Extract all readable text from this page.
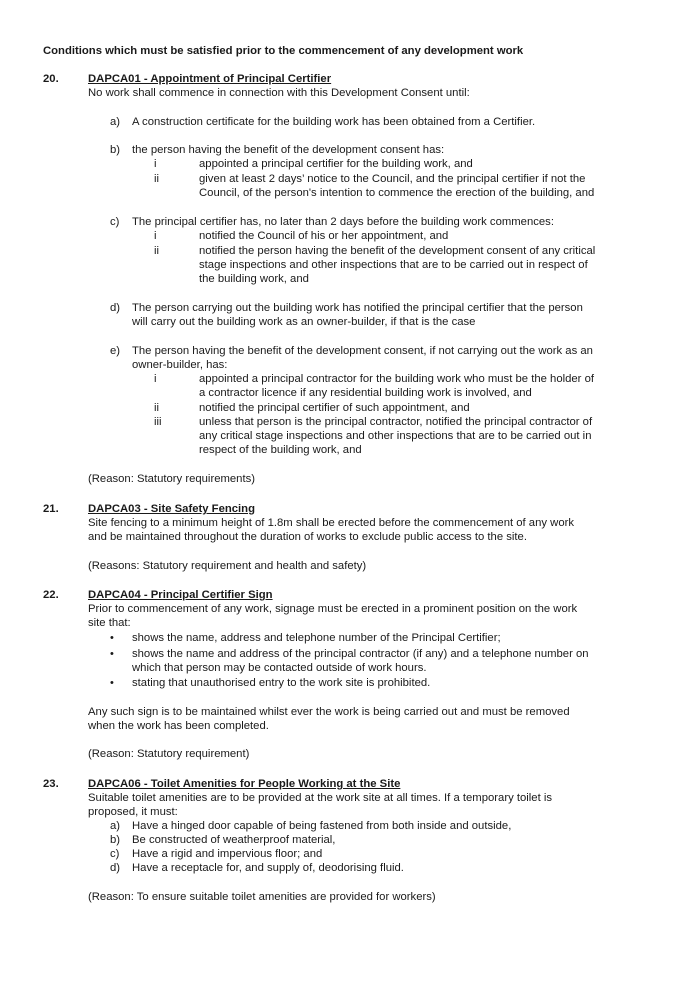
Conditions which must be satisfied prior to the commencement of any development work
20.	DAPCA01 - Appointment of Principal Certifier
No work shall commence in connection with this Development Consent until:
a) A construction certificate for the building work has been obtained from a Certifier.
b) the person having the benefit of the development consent has:
i	appointed a principal certifier for the building work, and
ii	given at least 2 days’ notice to the Council, and the principal certifier if not the
Council, of the person's intention to commence the erection of the building, and
c) The principal certifier has, no later than 2 days before the building work commences:
i	notified the Council of his or her appointment, and
ii	notified the person having the benefit of the development consent of any critical
stage inspections and other inspections that are to be carried out in respect of
the building work, and
d) The person carrying out the building work has notified the principal certifier that the person
will carry out the building work as an owner-builder, if that is the case
e) The person having the benefit of the development consent, if not carrying out the work as an
owner-builder, has:
i	appointed a principal contractor for the building work who must be the holder of
a contractor licence if any residential building work is involved, and
ii	notified the principal certifier of such appointment, and
iii	unless that person is the principal contractor, notified the principal contractor of
any critical stage inspections and other inspections that are to be carried out in
respect of the building work, and
(Reason: Statutory requirements)
21.	DAPCA03 - Site Safety Fencing
Site fencing to a minimum height of 1.8m shall be erected before the commencement of any work
and be maintained throughout the duration of works to exclude public access to the site.
(Reasons: Statutory requirement and health and safety)
22.	DAPCA04 - Principal Certifier Sign
Prior to commencement of any work, signage must be erected in a prominent position on the work
site that:
• shows the name, address and telephone number of the Principal Certifier;
• shows the name and address of the principal contractor (if any) and a telephone number on
which that person may be contacted outside of work hours.
• stating that unauthorised entry to the work site is prohibited.
Any such sign is to be maintained whilst ever the work is being carried out and must be removed
when the work has been completed.
(Reason: Statutory requirement)
23.	DAPCA06 - Toilet Amenities for People Working at the Site
Suitable toilet amenities are to be provided at the work site at all times. If a temporary toilet is
proposed, it must:
a) Have a hinged door capable of being fastened from both inside and outside,
b) Be constructed of weatherproof material,
c) Have a rigid and impervious floor; and
d) Have a receptacle for, and supply of, deodorising fluid.
(Reason: To ensure suitable toilet amenities are provided for workers)
